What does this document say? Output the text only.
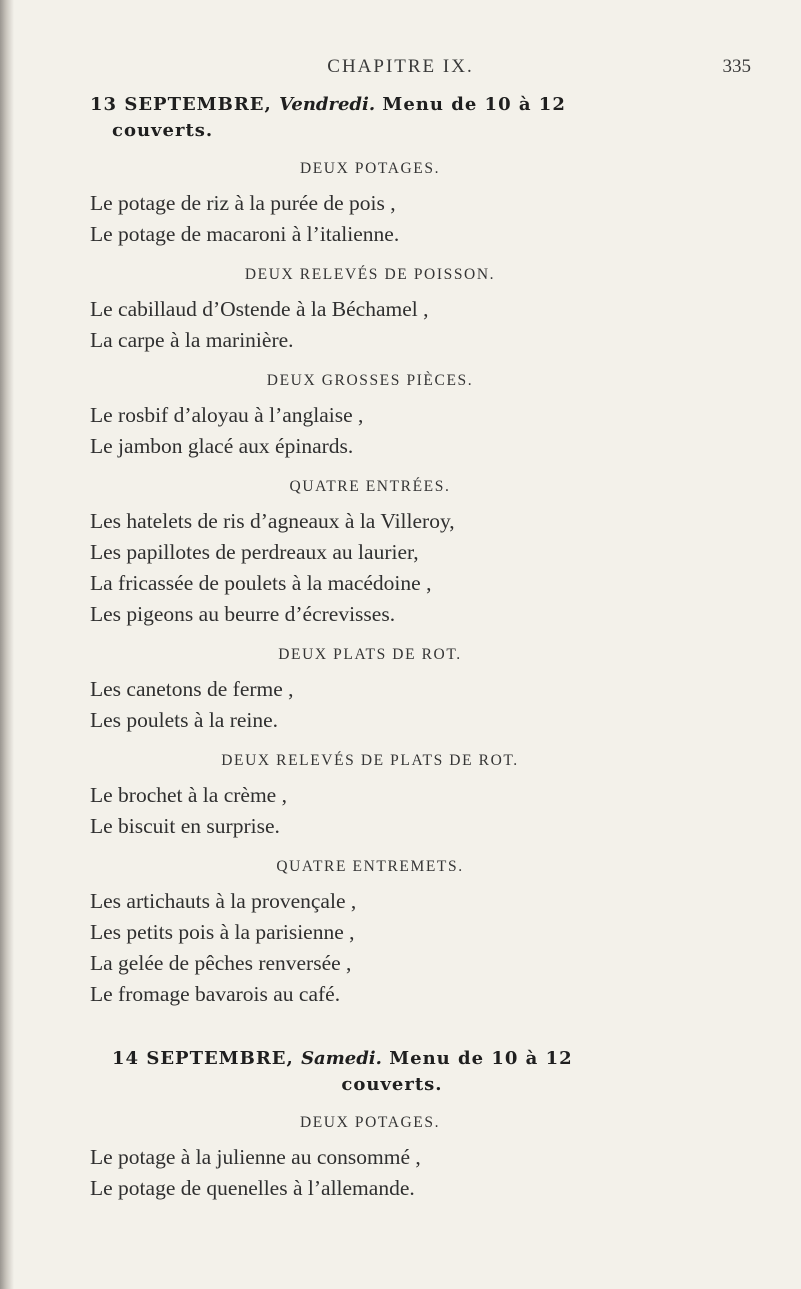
CHAPITRE IX.	335
13 SEPTEMBRE, Vendredi. Menu de 10 à 12
couverts.
DEUX POTAGES.
Le potage de riz à la purée de pois ,
Le potage de macaroni à l’italienne.
DEUX RELEVÉS DE POISSON.
Le cabillaud d’Ostende à la Béchamel ,
La carpe à la marinière.
DEUX GROSSES PIÈCES.
Le rosbif d’aloyau à l’anglaise ,
Le jambon glacé aux épinards.
QUATRE ENTRÉES.
Les hatelets de ris d’agneaux à la Villeroy,
Les papillotes de perdreaux au laurier,
La fricassée de poulets à la macédoine ,
Les pigeons au beurre d’écrevisses.
DEUX PLATS DE ROT.
Les canetons de ferme ,
Les poulets à la reine.
DEUX RELEVÉS DE PLATS DE ROT.
Le brochet à la crème ,
Le biscuit en surprise.
QUATRE ENTREMETS.
Les artichauts à la provençale ,
Les petits pois à la parisienne ,
La gelée de pêches renversée ,
Le fromage bavarois au café.
14 SEPTEMBRE, Samedi. Menu de 10 à 12
couverts.
DEUX POTAGES.
Le potage à la julienne au consommé ,
Le potage de quenelles à l’allemande.
